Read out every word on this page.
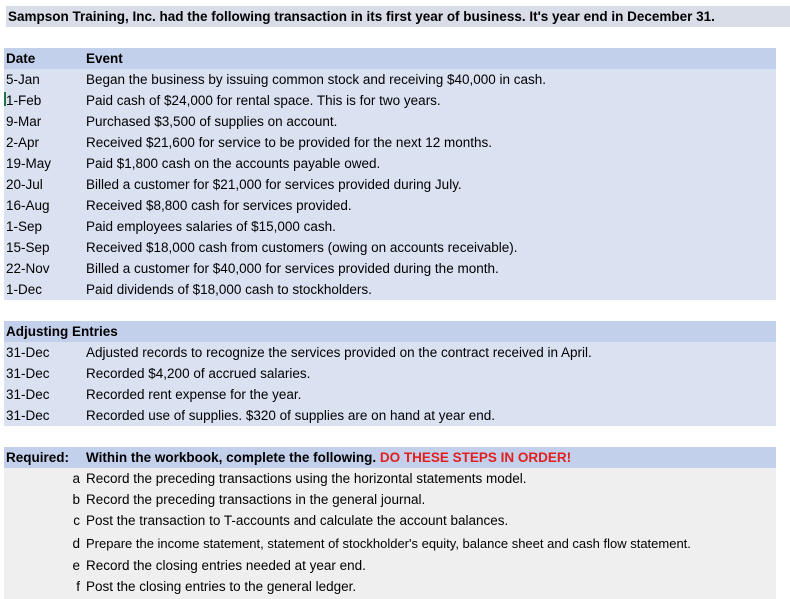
Sampson Training, Inc. had the following transaction in its first year of business. It's year end in December 31.
Date	Event
5-Jan	Began the business by issuing common stock and receiving $40,000 in cash.
1-Feb	Paid cash of $24,000 for rental space. This is for two years.
9-Mar	Purchased $3,500 of supplies on account.
2-Apr	Received $21,600 for service to be provided for the next 12 months.
19-May	Paid $1,800 cash on the accounts payable owed.
20-Jul	Billed a customer for $21,000 for services provided during July.
16-Aug	Received $8,800 cash for services provided.
1-Sep	Paid employees salaries of $15,000 cash.
15-Sep	Received $18,000 cash from customers (owing on accounts receivable).
22-Nov	Billed a customer for $40,000 for services provided during the month.
1-Dec	Paid dividends of $18,000 cash to stockholders.
Adjusting Entries
31-Dec	Adjusted records to recognize the services provided on the contract received in April.
31-Dec	Recorded $4,200 of accrued salaries.
31-Dec	Recorded rent expense for the year.
31-Dec	Recorded use of supplies. $320 of supplies are on hand at year end.
Required: Within the workbook, complete the following. DO THESE STEPS IN ORDER!
a Record the preceding transactions using the horizontal statements model.
b Record the preceding transactions in the general journal.
c Post the transaction to T-accounts and calculate the account balances.
d Prepare the income statement, statement of stockholder's equity, balance sheet and cash flow statement.
e Record the closing entries needed at year end.
f Post the closing entries to the general ledger.
